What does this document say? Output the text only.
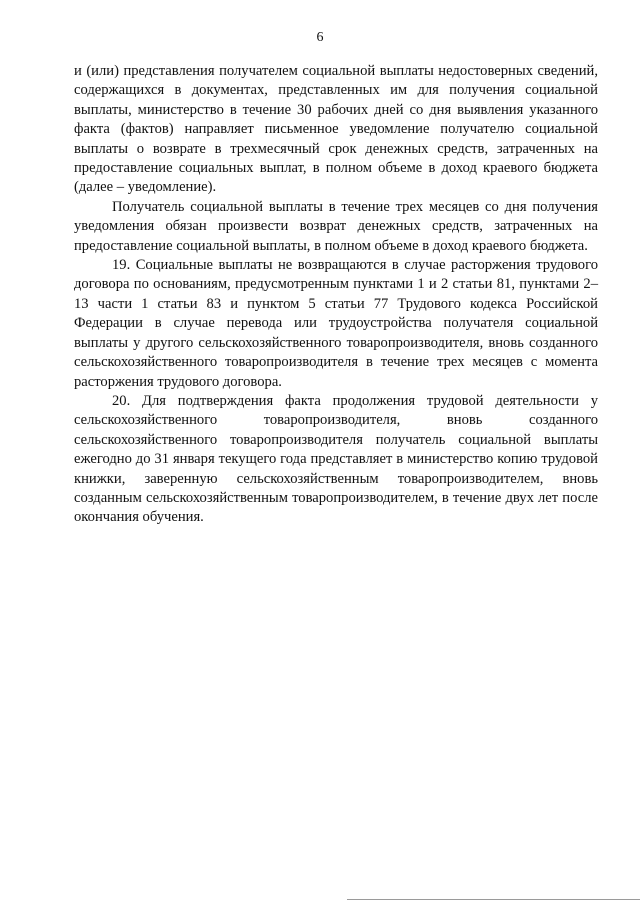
6

и (или) представления получателем социальной выплаты недостоверных сведений, содержащихся в документах, представленных им для получения социальной выплаты, министерство в течение 30 рабочих дней со дня выявления указанного факта (фактов) направляет письменное уведомление получателю социальной выплаты о возврате в трехмесячный срок денежных средств, затраченных на предоставление социальных выплат, в полном объеме в доход краевого бюджета (далее – уведомление).

Получатель социальной выплаты в течение трех месяцев со дня получения уведомления обязан произвести возврат денежных средств, затраченных на предоставление социальной выплаты, в полном объеме в доход краевого бюджета.

19. Социальные выплаты не возвращаются в случае расторжения трудового договора по основаниям, предусмотренным пунктами 1 и 2 статьи 81, пунктами 2–13 части 1 статьи 83 и пунктом 5 статьи 77 Трудового кодекса Российской Федерации в случае перевода или трудоустройства получателя социальной выплаты у другого сельскохозяйственного товаропроизводителя, вновь созданного сельскохозяйственного товаропроизводителя в течение трех месяцев с момента расторжения трудового договора.

20. Для подтверждения факта продолжения трудовой деятельности у сельскохозяйственного товаропроизводителя, вновь созданного сельскохозяйственного товаропроизводителя получатель социальной выплаты ежегодно до 31 января текущего года представляет в министерство копию трудовой книжки, заверенную сельскохозяйственным товаропроизводителем, вновь созданным сельскохозяйственным товаропроизводителем, в течение двух лет после окончания обучения.
